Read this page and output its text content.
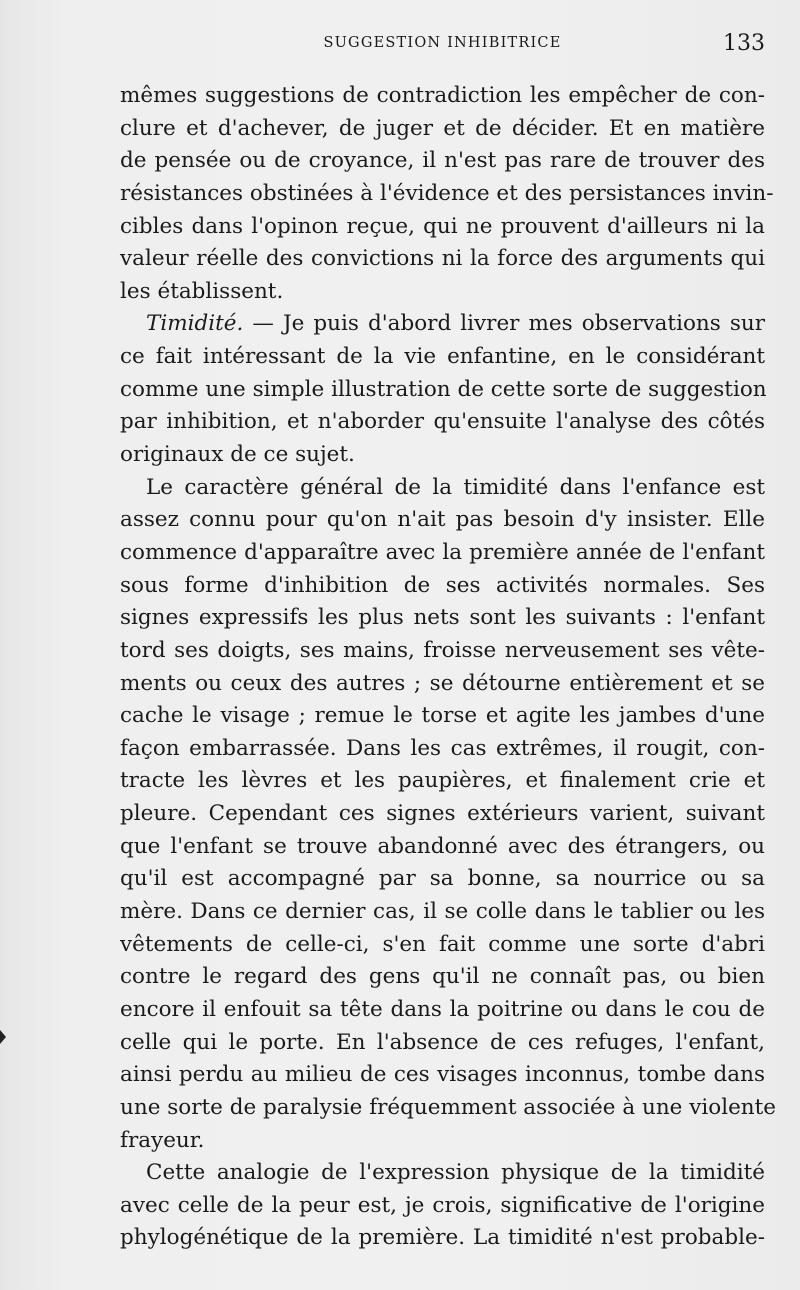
SUGGESTION INHIBITRICE	133
mêmes suggestions de contradiction les empêcher de con-
clure et d'achever, de juger et de décider. Et en matière
de pensée ou de croyance, il n'est pas rare de trouver des
résistances obstinées à l'évidence et des persistances invin-
cibles dans l'opinon reçue, qui ne prouvent d'ailleurs ni la
valeur réelle des convictions ni la force des arguments qui
les établissent.
Timidité. — Je puis d'abord livrer mes observations sur
ce fait intéressant de la vie enfantine, en le considérant
comme une simple illustration de cette sorte de suggestion
par inhibition, et n'aborder qu'ensuite l'analyse des côtés
originaux de ce sujet.
Le caractère général de la timidité dans l'enfance est
assez connu pour qu'on n'ait pas besoin d'y insister. Elle
commence d'apparaître avec la première année de l'enfant
sous forme d'inhibition de ses activités normales. Ses
signes expressifs les plus nets sont les suivants : l'enfant
tord ses doigts, ses mains, froisse nerveusement ses vête-
ments ou ceux des autres ; se détourne entièrement et se
cache le visage ; remue le torse et agite les jambes d'une
façon embarrassée. Dans les cas extrêmes, il rougit, con-
tracte les lèvres et les paupières, et finalement crie et
pleure. Cependant ces signes extérieurs varient, suivant
que l'enfant se trouve abandonné avec des étrangers, ou
qu'il est accompagné par sa bonne, sa nourrice ou sa
mère. Dans ce dernier cas, il se colle dans le tablier ou les
vêtements de celle-ci, s'en fait comme une sorte d'abri
contre le regard des gens qu'il ne connaît pas, ou bien
encore il enfouit sa tête dans la poitrine ou dans le cou de
celle qui le porte. En l'absence de ces refuges, l'enfant,
ainsi perdu au milieu de ces visages inconnus, tombe dans
une sorte de paralysie fréquemment associée à une violente
frayeur.
Cette analogie de l'expression physique de la timidité
avec celle de la peur est, je crois, significative de l'origine
phylogénétique de la première. La timidité n'est probable-
